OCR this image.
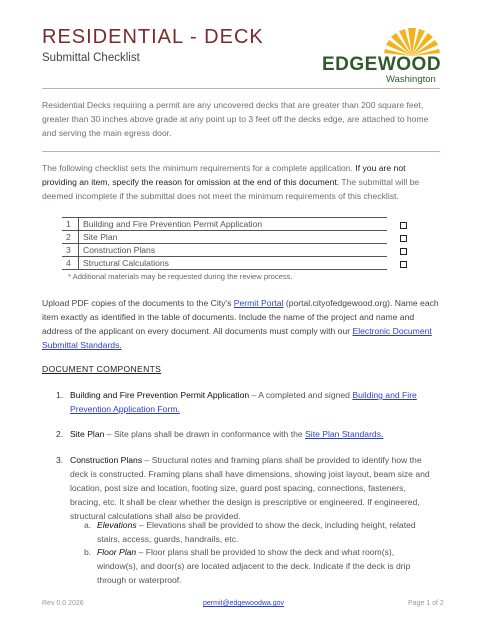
RESIDENTIAL - DECK
Submittal Checklist	EDGEWOOD
Washington
Residential Decks requiring a permit are any uncovered decks that are greater than 200 square feet, greater than 30 inches above grade at any point up to 3 feet off the decks edge, are attached to home and serving the main egress door.
The following checklist sets the minimum requirements for a complete application. If you are not providing an item, specify the reason for omission at the end of this document. The submittal will be deemed incomplete if the submittal does not meet the minimum requirements of this checklist.
1	Building and Fire Prevention Permit Application
2	Site Plan
3	Construction Plans
4	Structural Calculations
* Additional materials may be requested during the review process.
Upload PDF copies of the documents to the City's Permit Portal (portal.cityofedgewood.org). Name each item exactly as identified in the table of documents. Include the name of the project and name and address of the applicant on every document. All documents must comply with our Electronic Document Submittal Standards.
DOCUMENT COMPONENTS
1. Building and Fire Prevention Permit Application – A completed and signed Building and Fire Prevention Application Form.
2. Site Plan – Site plans shall be drawn in conformance with the Site Plan Standards.
3. Construction Plans – Structural notes and framing plans shall be provided to identify how the deck is constructed. Framing plans shall have dimensions, showing joist layout, beam size and location, post size and location, footing size, guard post spacing, connections, fasteners, bracing, etc. It shall be clear whether the design is prescriptive or engineered. If engineered, structural calculations shall also be provided.
a. Elevations – Elevations shall be provided to show the deck, including height, related stairs, access, guards, handrails, etc.
b. Floor Plan – Floor plans shall be provided to show the deck and what room(s), window(s), and door(s) are located adjacent to the deck. Indicate if the deck is drip through or waterproof.
Rev 0.0 2026	permit@edgewoodwa.gov	Page 1 of 2
